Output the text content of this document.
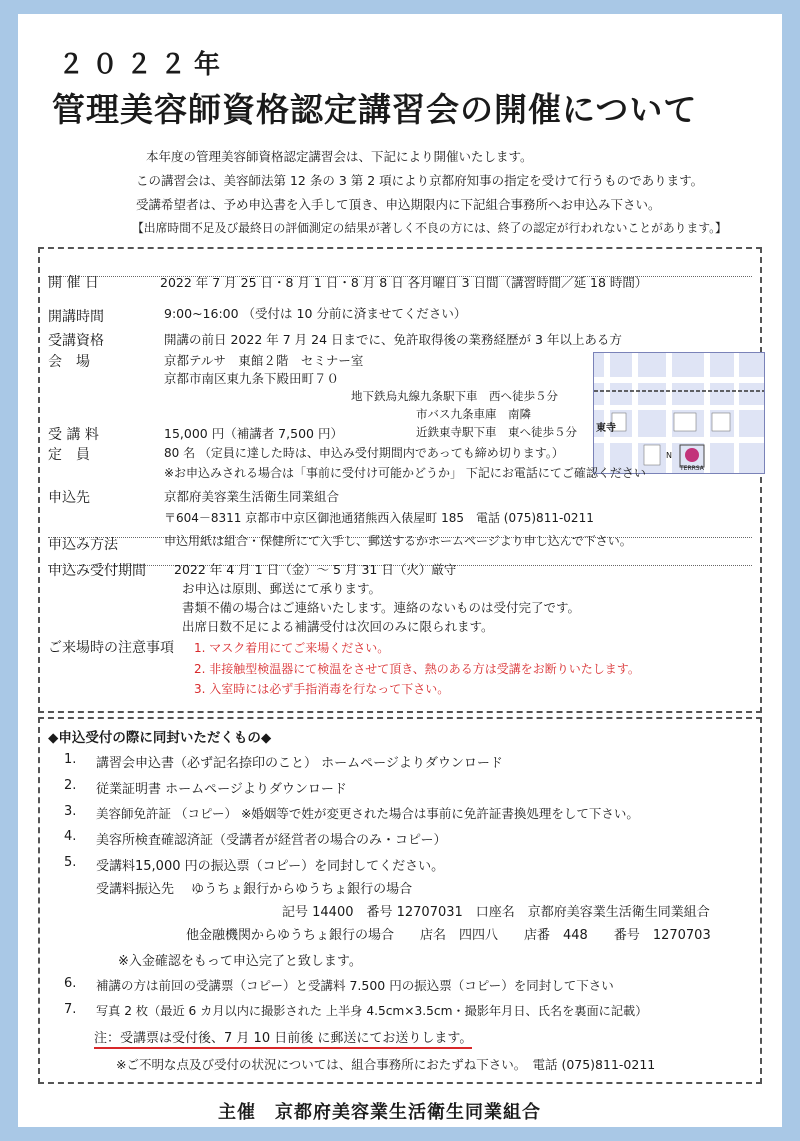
２０２２年
管理美容師資格認定講習会の開催について
本年度の管理美容師資格認定講習会は、下記により開催いたします。
この講習会は、美容師法第 12 条の 3 第 2 項により京都府知事の指定を受けて行うものであります。
受講希望者は、予め申込書を入手して頂き、申込期限内に下記組合事務所へお申込み下さい。
【出席時間不足及び最終日の評価測定の結果が著しく不良の方には、終了の認定が行われないことがあります。】
開 催 日	2022 年 7 月 25 日・8 月 1 日・8 月 8 日 各月曜日 3 日間（講習時間／延 18 時間）
開講時間	9:00~16:00 （受付は 10 分前に済ませてください）
受講資格	開講の前日 2022 年 7 月 24 日までに、免許取得後の業務経歴が 3 年以上ある方
会　場	京都テルサ　東館２階　セミナー室
京都市南区東九条下殿田町７０
地下鉄烏丸線九条駅下車　西へ徒歩５分
市バス九条車庫　南隣
近鉄東寺駅下車　東へ徒歩５分 東寺
TERRSA
N
受 講 料	15,000 円（補講者 7,500 円）
定　員	80 名 （定員に達した時は、申込み受付期間内であっても締め切ります。）
※お申込みされる場合は「事前に受付け可能かどうか」 下記にお電話にてご確認ください
申込先	京都府美容業生活衛生同業組合
〒604－8311 京都市中京区御池通猪熊西入俵屋町 185　電話 (075)811-0211
申込み方法	申込用紙は組合・保健所にて入手し、郵送するかホームページより申し込んで下さい。
申込み受付期間 2022 年 4 月 1 日（金）～ 5 月 31 日（火）厳守
お申込は原則、郵送にて承ります。
書類不備の場合はご連絡いたします。連絡のないものは受付完了です。
出席日数不足による補講受付は次回のみに限られます。
ご来場時の注意事項 1. マスク着用にてご来場ください。
2. 非接触型検温器にて検温をさせて頂き、熱のある方は受講をお断りいたします。
3. 入室時には必ず手指消毒を行なって下さい。
◆申込受付の際に同封いただくもの◆
1. 講習会申込書（必ず記名捺印のこと） ホームページよりダウンロード
2. 従業証明書 ホームページよりダウンロード
3. 美容師免許証 （コピー） ※婚姻等で姓が変更された場合は事前に免許証書換処理をして下さい。
4. 美容所検査確認済証（受講者が経営者の場合のみ・コピー）
5. 受講料15,000 円の振込票（コピー）を同封してください。
受講料振込先　 ゆうちょ銀行からゆうちょ銀行の場合
記号 14400　番号 12707031　口座名　京都府美容業生活衛生同業組合
他金融機関からゆうちょ銀行の場合　　店名　四四八　　店番　448　　番号　1270703
※入金確認をもって申込完了と致します。
6. 補講の方は前回の受講票（コピー）と受講料 7.500 円の振込票（コピー）を同封して下さい
7. 写真 2 枚（最近 6 カ月以内に撮影された 上半身 4.5cm×3.5cm・撮影年月日、氏名を裏面に記載）
注：受講票は受付後、7 月 10 日前後 に郵送にてお送りします。
※ご不明な点及び受付の状況については、組合事務所におたずね下さい。　電話 (075)811-0211
主催　京都府美容業生活衛生同業組合
